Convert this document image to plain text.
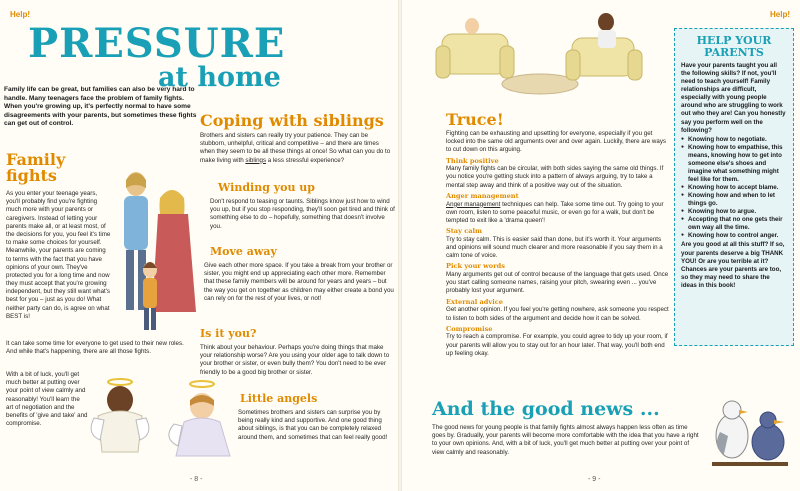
Help!
PRESSURE
at home
Family life can be great, but families can also be very hard to handle. Many teenagers face the problem of family fights. When you're growing up, it's perfectly normal to have some disagreements with your parents, but sometimes these fights can get out of control.
Family
fights
As you enter your teenage years, you'll probably find you're fighting much more with your parents or caregivers. Instead of letting your parents make all, or at least most, of the decisions for you, you feel it's time to make some choices for yourself. Meanwhile, your parents are coming to terms with the fact that you have opinions of your own. They've protected you for a long time and now they must accept that you're growing independent, but they still want what's best for you – just as you do! What neither party can do, is agree on what BEST is!
It can take some time for everyone to get used to their new roles. And while that's happening, there are all those fights.
With a bit of luck, you'll get much better at putting over your point of view calmly and reasonably! You'll learn the art of negotiation and the benefits of 'give and take' and compromise.
Coping with siblings
Brothers and sisters can really try your patience. They can be stubborn, unhelpful, critical and competitive – and there are times when they seem to be all these things at once! So what can you do to make living with siblings a less stressful experience?
Winding you up
Don't respond to teasing or taunts. Siblings know just how to wind you up, but if you stop responding, they'll soon get tired and think of something else to do – hopefully, something that doesn't involve you.
Move away
Give each other more space. If you take a break from your brother or sister, you might end up appreciating each other more. Remember that these family members will be around for years and years – but the way you get on together as children may either create a bond you can rely on for the rest of your lives, or not!
Is it you?
Think about your behaviour. Perhaps you're doing things that make your relationship worse? Are you using your older age to talk down to your brother or sister, or even bully them? You don't need to be ever friendly to be a good big brother or sister.
Little angels
Sometimes brothers and sisters can surprise you by being really kind and supportive. And one good thing about siblings, is that you can be completely relaxed around them, and sometimes that can feel really good!
- 8 -
Help!
Truce!
Fighting can be exhausting and upsetting for everyone, especially if you get locked into the same old arguments over and over again. Luckily, there are ways to cut down on this arguing.
Think positive
Many family fights can be circular, with both sides saying the same old things. If you notice you're getting stuck into a pattern of always arguing, try to take a mental step away and think of a positive way out of the situation.
Anger management
Anger management techniques can help. Take some time out. Try going to your own room, listen to some peaceful music, or even go for a walk, but don't be tempted to exit like a 'drama queen'!
Stay calm
Try to stay calm. This is easier said than done, but it's worth it. Your arguments and opinions will sound much clearer and more reasonable if you say them in a calm tone of voice.
Pick your words
Many arguments get out of control because of the language that gets used. Once you start calling someone names, raising your pitch, swearing even ... you've probably lost your argument.
External advice
Get another opinion. If you feel you're getting nowhere, ask someone you respect to listen to both sides of the argument and decide how it can be solved.
Compromise
Try to reach a compromise. For example, you could agree to tidy up your room, if your parents will allow you to stay out for an hour later. That way, you'll both end up feeling okay.
HELP YOUR
PARENTS
Have your parents taught you all the following skills? If not, you'll need to teach yourself! Family relationships are difficult, especially with young people around who are struggling to work out who they are! Can you honestly say you perform well on the following?
● Knowing how to negotiate.
● Knowing how to empathise, this means, knowing how to get into someone else's shoes and imagine what something might feel like for them.
● Knowing how to accept blame.
● Knowing how and when to let things go.
● Knowing how to argue.
● Accepting that no one gets their own way all the time.
● Knowing how to control anger.
Are you good at all this stuff? If so, your parents deserve a big THANK YOU! Or are you terrible at it? Chances are your parents are too, so they may need to share the ideas in this book!
And the good news ...
The good news for young people is that family fights almost always happen less often as time goes by. Gradually, your parents will become more comfortable with the idea that you have a right to your own opinions. And, with a bit of luck, you'll get much better at putting over your point of view calmly and reasonably.
- 9 -
